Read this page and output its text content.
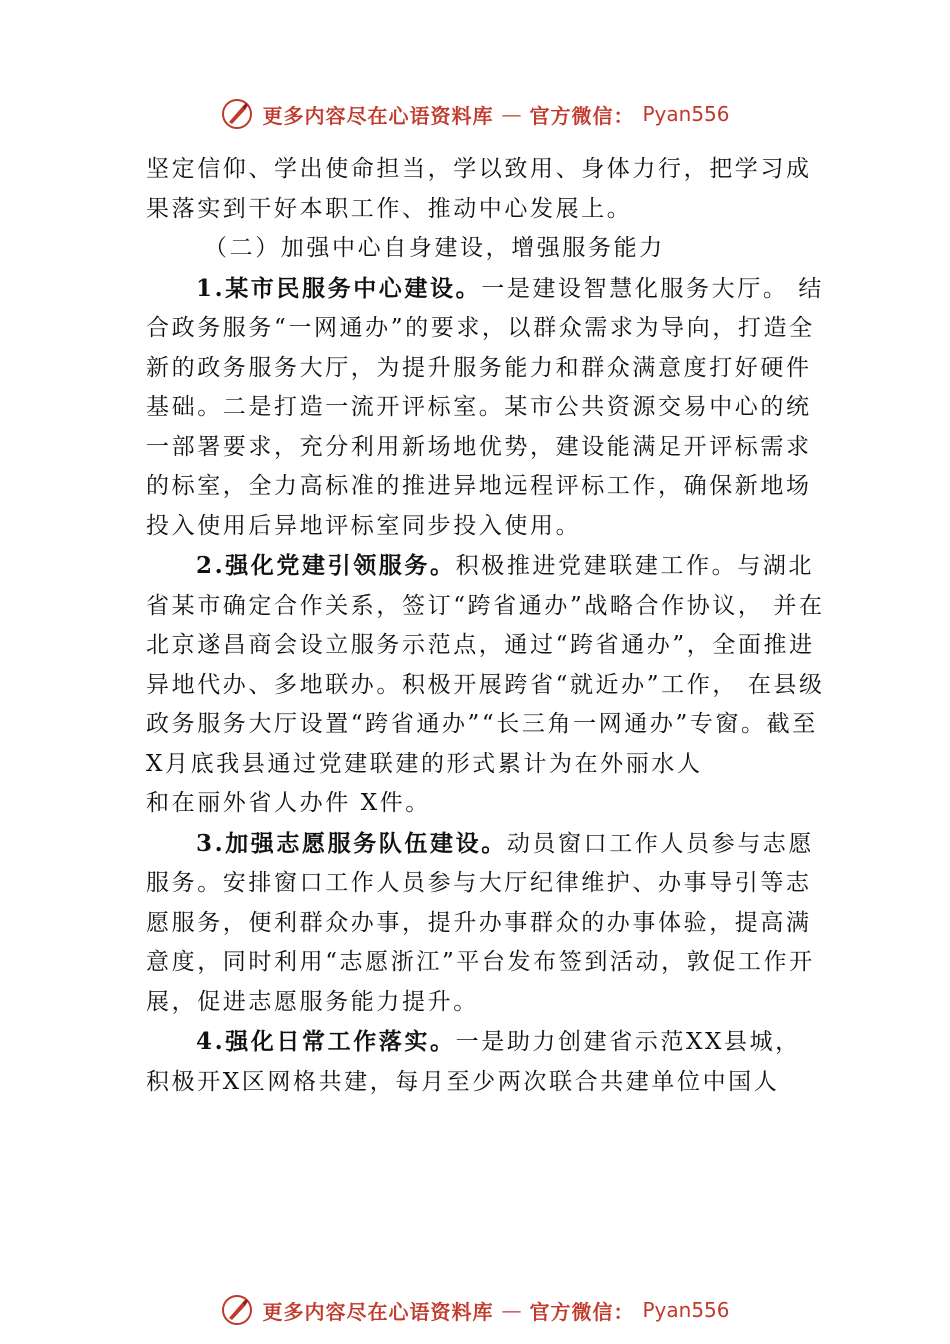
更多内容尽在心语资料库 — 官方微信： Pyan556

坚定信仰、学出使命担当，学以致用、身体力行，把学习成
果落实到干好本职工作、推动中心发展上。

（二）加强中心自身建设，增强服务能力

1.某市民服务中心建设。一是建设智慧化服务大厅。 结合政务服务“一网通办”的要求，以群众需求为导向，打造全新的政务服务大厅，为提升服务能力和群众满意度打好硬件基础。二是打造一流开评标室。某市公共资源交易中心的统一部署要求，充分利用新场地优势，建设能满足开评标需求的标室，全力高标准的推进异地远程评标工作，确保新地场投入使用后异地评标室同步投入使用。

2.强化党建引领服务。积极推进党建联建工作。与湖北省某市确定合作关系，签订“跨省通办”战略合作协议， 并在北京遂昌商会设立服务示范点，通过“跨省通办”，全面推进异地代办、多地联办。积极开展跨省“就近办”工作， 在县级政务服务大厅设置“跨省通办”“长三角一网通办”专窗。截至X月底我县通过党建联建的形式累计为在外丽水人

和在丽外省人办件 X件。

3.加强志愿服务队伍建设。动员窗口工作人员参与志愿服务。安排窗口工作人员参与大厅纪律维护、办事导引等志愿服务，便利群众办事，提升办事群众的办事体验，提高满意度，同时利用“志愿浙江”平台发布签到活动，敦促工作开展，促进志愿服务能力提升。

4.强化日常工作落实。一是助力创建省示范XX县城， 积极开X区网格共建，每月至少两次联合共建单位中国人

更多内容尽在心语资料库 — 官方微信： Pyan556
